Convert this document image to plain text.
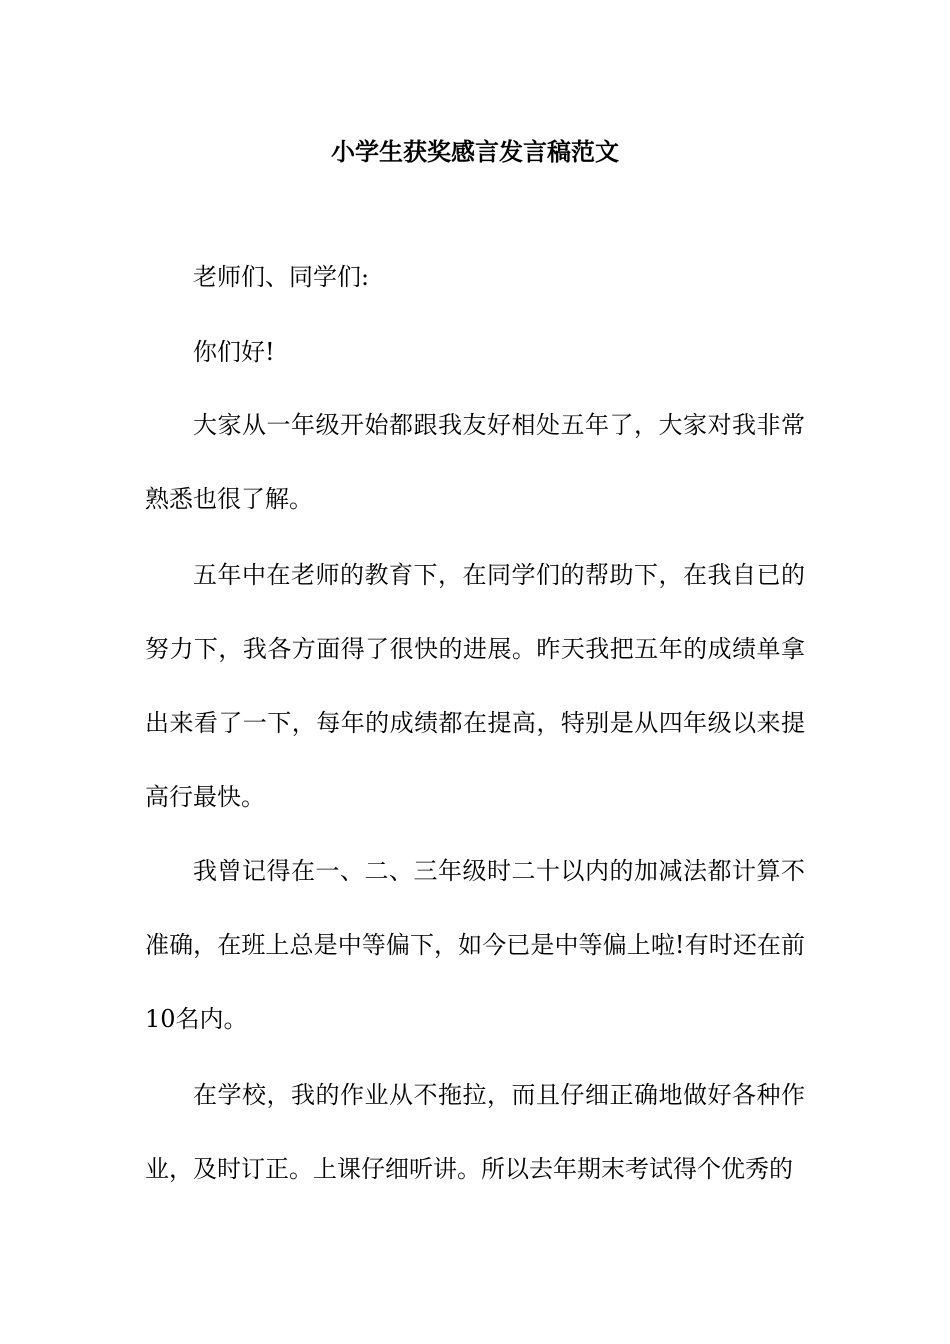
小学生获奖感言发言稿范文

老师们、同学们:

你们好!

大家从一年级开始都跟我友好相处五年了，大家对我非常熟悉也很了解。

五年中在老师的教育下，在同学们的帮助下，在我自已的努力下，我各方面得了很快的进展。昨天我把五年的成绩单拿出来看了一下，每年的成绩都在提高，特别是从四年级以来提高行最快。

我曾记得在一、二、三年级时二十以内的加减法都计算不准确，在班上总是中等偏下，如今已是中等偏上啦!有时还在前10名内。

在学校，我的作业从不拖拉，而且仔细正确地做好各种作业，及时订正。上课仔细听讲。所以去年期末考试得个优秀的
